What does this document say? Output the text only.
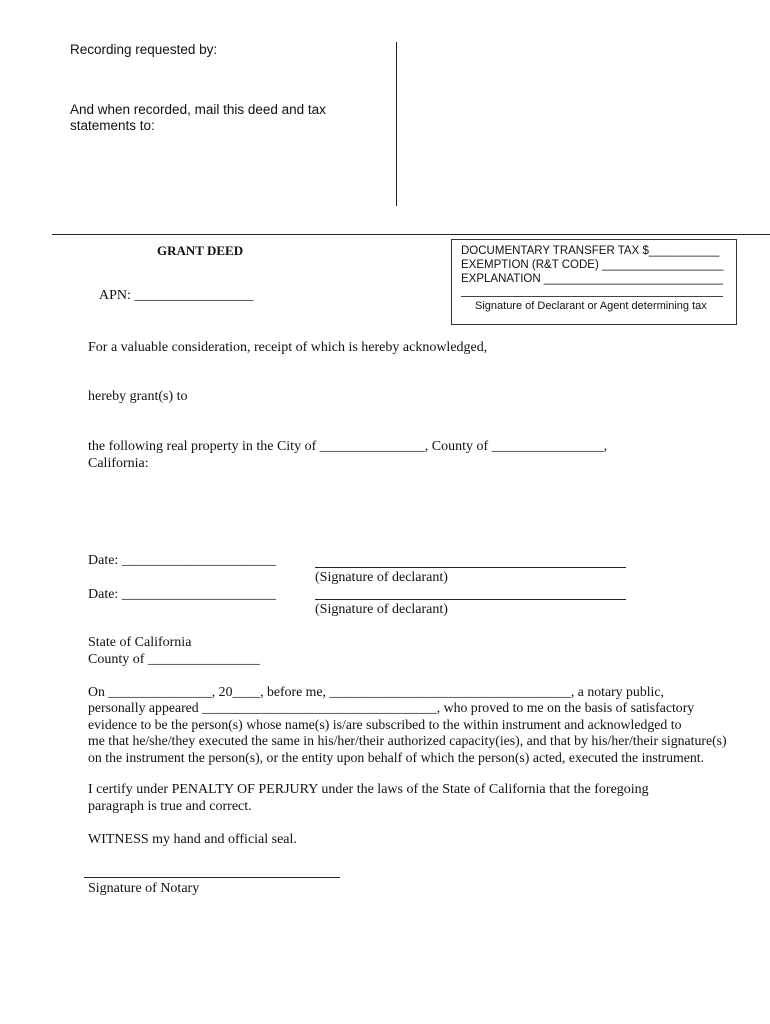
Recording requested by:
And when recorded, mail this deed and tax
statements to:
GRANT DEED
APN: _________________
DOCUMENTARY TRANSFER TAX $___________
EXEMPTION (R&T CODE) ___________________
EXPLANATION ____________________________
Signature of Declarant or Agent determining tax
For a valuable consideration, receipt of which is hereby acknowledged,
hereby grant(s) to
the following real property in the City of _______________, County of ________________,
California:
Date: ______________________
(Signature of declarant)
Date: ______________________
(Signature of declarant)
State of California
County of ________________
On _______________, 20____, before me, ___________________________________, a notary public,
personally appeared __________________________________, who proved to me on the basis of satisfactory
evidence to be the person(s) whose name(s) is/are subscribed to the within instrument and acknowledged to
me that he/she/they executed the same in his/her/their authorized capacity(ies), and that by his/her/their signature(s)
on the instrument the person(s), or the entity upon behalf of which the person(s) acted, executed the instrument.
I certify under PENALTY OF PERJURY under the laws of the State of California that the foregoing
paragraph is true and correct.
WITNESS my hand and official seal.
Signature of Notary
